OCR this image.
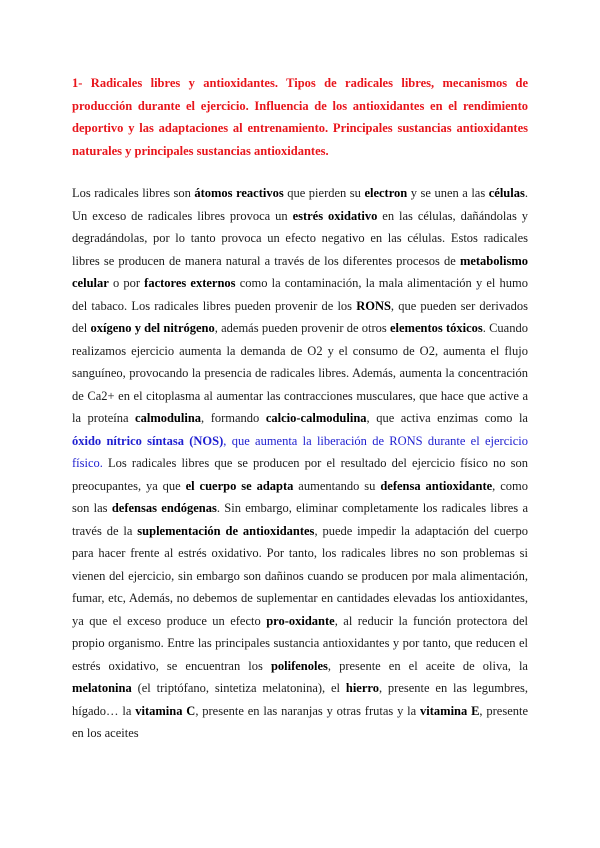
1- Radicales libres y antioxidantes. Tipos de radicales libres, mecanismos de producción durante el ejercicio. Influencia de los antioxidantes en el rendimiento deportivo y las adaptaciones al entrenamiento. Principales sustancias antioxidantes naturales y principales sustancias antioxidantes.

Los radicales libres son átomos reactivos que pierden su electron y se unen a las células. Un exceso de radicales libres provoca un estrés oxidativo en las células, dañándolas y degradándolas, por lo tanto provoca un efecto negativo en las células. Estos radicales libres se producen de manera natural a través de los diferentes procesos de metabolismo celular o por factores externos como la contaminación, la mala alimentación y el humo del tabaco. Los radicales libres pueden provenir de los RONS, que pueden ser derivados del oxígeno y del nitrógeno, además pueden provenir de otros elementos tóxicos. Cuando realizamos ejercicio aumenta la demanda de O2 y el consumo de O2, aumenta el flujo sanguíneo, provocando la presencia de radicales libres. Además, aumenta la concentración de Ca2+ en el citoplasma al aumentar las contracciones musculares, que hace que active a la proteína calmodulina, formando calcio-calmodulina, que activa enzimas como la óxido nítrico síntasa (NOS), que aumenta la liberación de RONS durante el ejercicio físico. Los radicales libres que se producen por el resultado del ejercicio físico no son preocupantes, ya que el cuerpo se adapta aumentando su defensa antioxidante, como son las defensas endógenas. Sin embargo, eliminar completamente los radicales libres a través de la suplementación de antioxidantes, puede impedir la adaptación del cuerpo para hacer frente al estrés oxidativo. Por tanto, los radicales libres no son problemas si vienen del ejercicio, sin embargo son dañinos cuando se producen por mala alimentación, fumar, etc, Además, no debemos de suplementar en cantidades elevadas los antioxidantes, ya que el exceso produce un efecto pro-oxidante, al reducir la función protectora del propio organismo. Entre las principales sustancia antioxidantes y por tanto, que reducen el estrés oxidativo, se encuentran los polifenoles, presente en el aceite de oliva, la melatonina (el triptófano, sintetiza melatonina), el hierro, presente en las legumbres, hígado… la vitamina C, presente en las naranjas y otras frutas y la vitamina E, presente en los aceites
